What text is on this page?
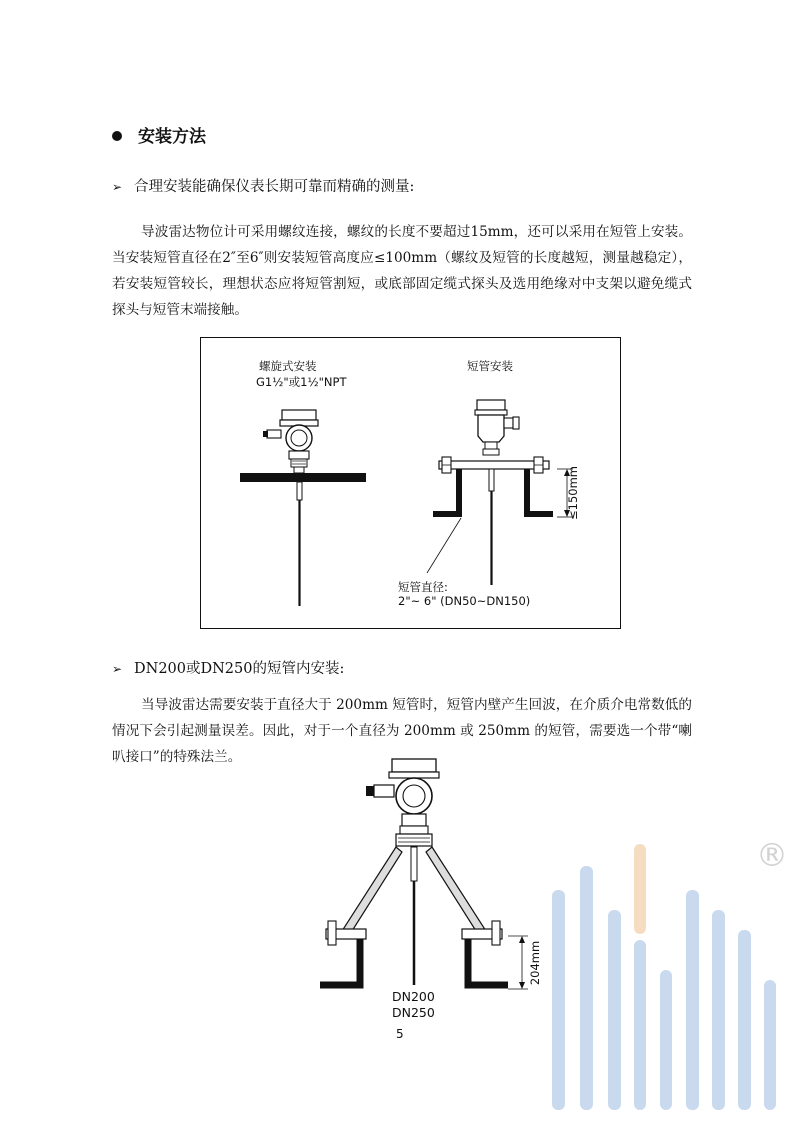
安装方法
➢ 合理安装能确保仪表长期可靠而精确的测量:

导波雷达物位计可采用螺纹连接，螺纹的长度不要超过15mm，还可以采用在短管上安装。当安装短管直径在2″至6″则安装短管高度应≤100mm（螺纹及短管的长度越短，测量越稳定），若安装短管较长，理想状态应将短管割短，或底部固定缆式探头及选用绝缘对中支架以避免缆式探头与短管末端接触。

螺旋式安装
G1½"或1½"NPT
短管安装
≤150mm
短管直径:
2"~ 6" (DN50~DN150)
➢ DN200或DN250的短管内安装:

当导波雷达需要安装于直径大于 200mm 短管时，短管内壁产生回波，在介质介电常数低的情况下会引起测量误差。因此，对于一个直径为 200mm 或 250mm 的短管，需要选一个带“喇叭接口”的特殊法兰。

®
204mm
DN200
DN250
5
